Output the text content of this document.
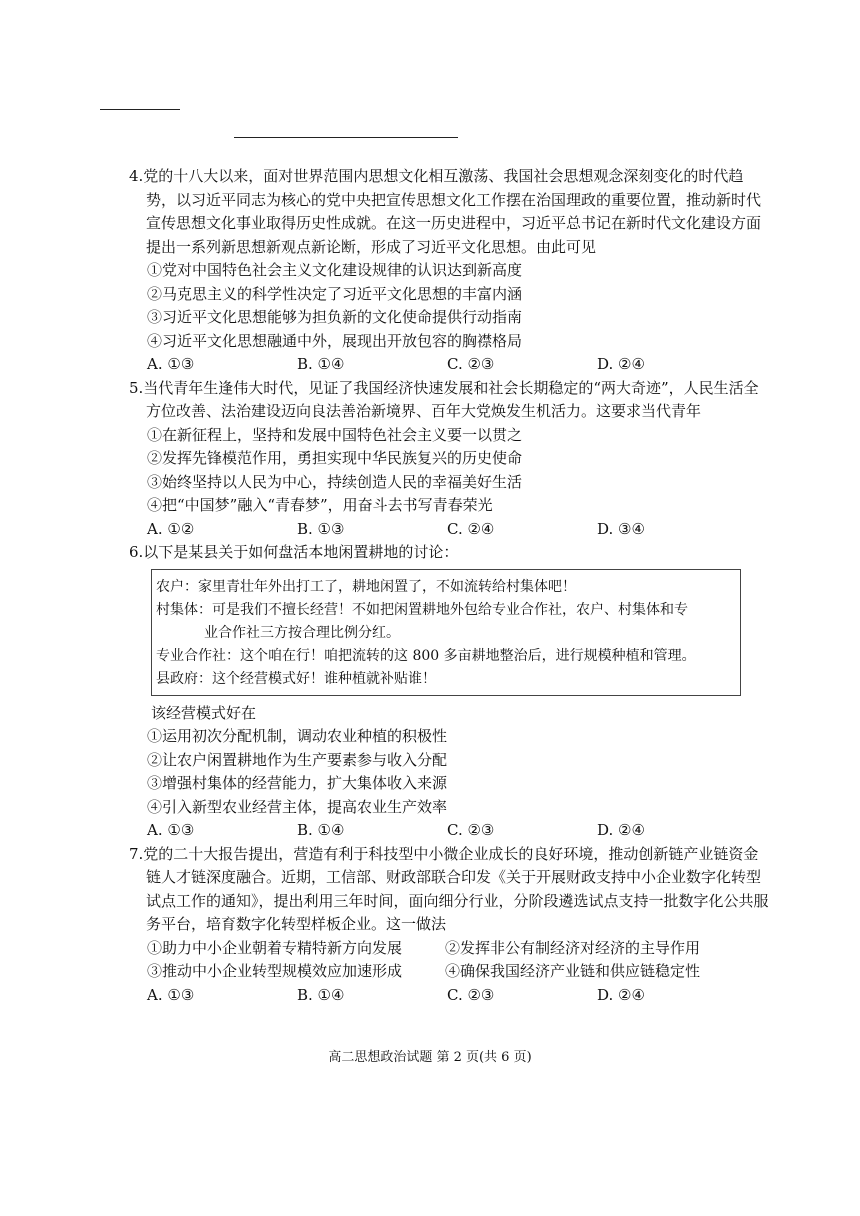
4.党的十八大以来，面对世界范围内思想文化相互激荡、我国社会思想观念深刻变化的时代趋势，以习近平同志为核心的党中央把宣传思想文化工作摆在治国理政的重要位置，推动新时代宣传思想文化事业取得历史性成就。在这一历史进程中，习近平总书记在新时代文化建设方面提出一系列新思想新观点新论断，形成了习近平文化思想。由此可见
①党对中国特色社会主义文化建设规律的认识达到新高度
②马克思主义的科学性决定了习近平文化思想的丰富内涵
③习近平文化思想能够为担负新的文化使命提供行动指南
④习近平文化思想融通中外，展现出开放包容的胸襟格局
A. ①③	B. ①④	C. ②③	D. ②④
5.当代青年生逢伟大时代，见证了我国经济快速发展和社会长期稳定的“两大奇迹”，人民生活全方位改善、法治建设迈向良法善治新境界、百年大党焕发生机活力。这要求当代青年
①在新征程上，坚持和发展中国特色社会主义要一以贯之
②发挥先锋模范作用，勇担实现中华民族复兴的历史使命
③始终坚持以人民为中心，持续创造人民的幸福美好生活
④把“中国梦”融入“青春梦”，用奋斗去书写青春荣光
A. ①②	B. ①③	C. ②④	D. ③④
6.以下是某县关于如何盘活本地闲置耕地的讨论：
农户：家里青壮年外出打工了，耕地闲置了，不如流转给村集体吧！
村集体：可是我们不擅长经营！不如把闲置耕地外包给专业合作社，农户、村集体和专
业合作社三方按合理比例分红。
专业合作社：这个咱在行！咱把流转的这 800 多亩耕地整治后，进行规模种植和管理。
县政府：这个经营模式好！谁种植就补贴谁！
该经营模式好在
①运用初次分配机制，调动农业种植的积极性
②让农户闲置耕地作为生产要素参与收入分配
③增强村集体的经营能力，扩大集体收入来源
④引入新型农业经营主体，提高农业生产效率
A. ①③	B. ①④	C. ②③	D. ②④
7.党的二十大报告提出，营造有利于科技型中小微企业成长的良好环境，推动创新链产业链资金链人才链深度融合。近期，工信部、财政部联合印发《关于开展财政支持中小企业数字化转型试点工作的通知》，提出利用三年时间，面向细分行业，分阶段遴选试点支持一批数字化公共服务平台，培育数字化转型样板企业。这一做法
①助力中小企业朝着专精特新方向发展	②发挥非公有制经济对经济的主导作用
③推动中小企业转型规模效应加速形成	④确保我国经济产业链和供应链稳定性
A. ①③	B. ①④	C. ②③	D. ②④
高二思想政治试题 第 2 页(共 6 页)
